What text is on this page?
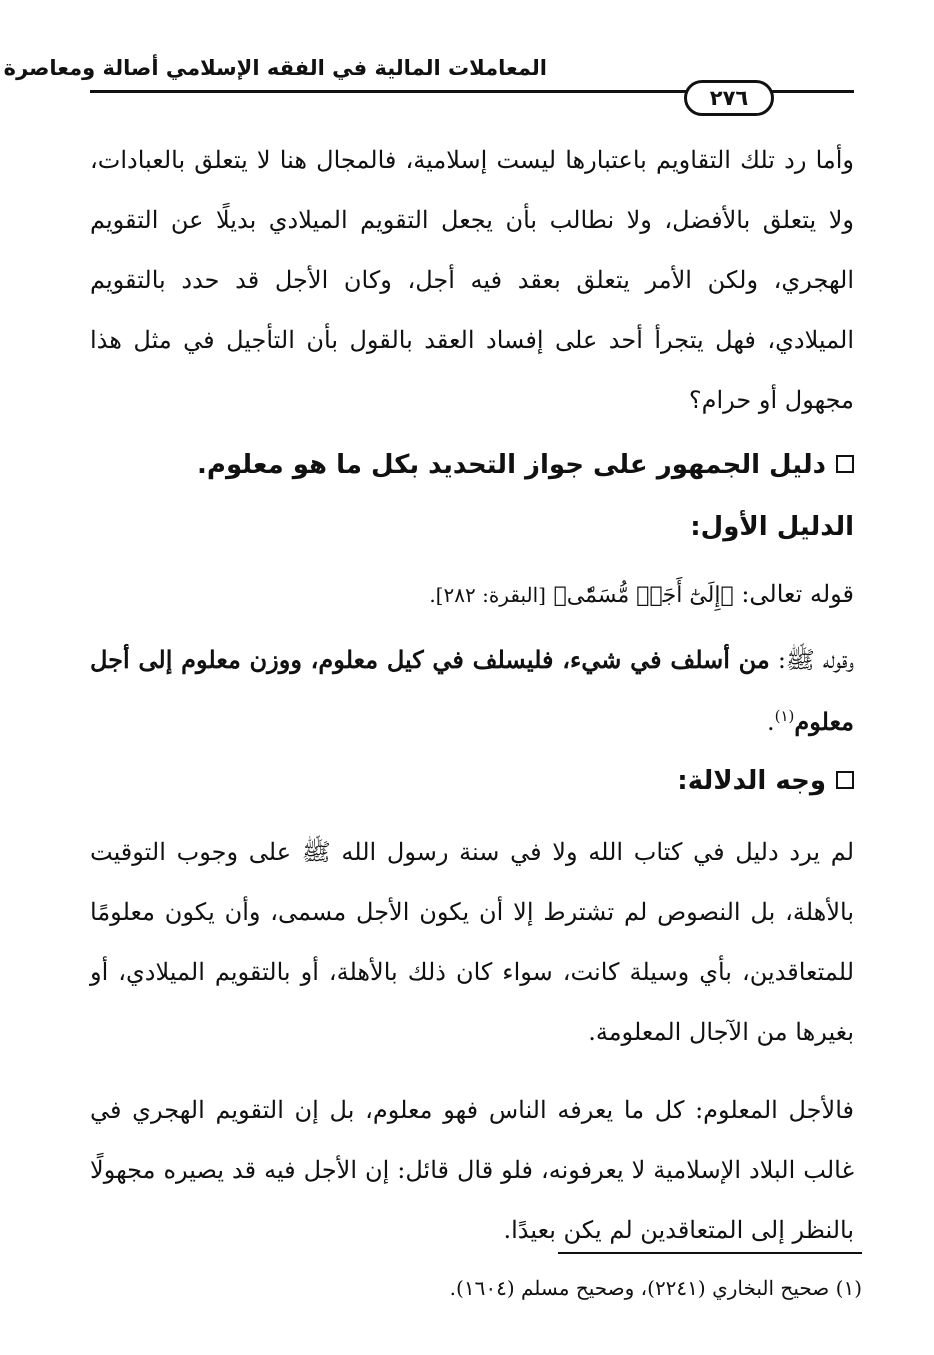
المعاملات المالية في الفقه الإسلامي أصالة ومعاصرة
٢٧٦

وأما رد تلك التقاويم باعتبارها ليست إسلامية، فالمجال هنا لا يتعلق بالعبادات، ولا يتعلق بالأفضل، ولا نطالب بأن يجعل التقويم الميلادي بديلًا عن التقويم الهجري، ولكن الأمر يتعلق بعقد فيه أجل، وكان الأجل قد حدد بالتقويم الميلادي، فهل يتجرأ أحد على إفساد العقد بالقول بأن التأجيل في مثل هذا مجهول أو حرام؟

دليل الجمهور على جواز التحديد بكل ما هو معلوم.

الدليل الأول:

قوله تعالى: ﴿إِلَىٰٓ أَجَلٖ مُّسَمّٗى﴾ [البقرة: ٢٨٢].

وقوله ﷺ: من أسلف في شيء، فليسلف في كيل معلوم، ووزن معلوم إلى أجل معلوم$^{(١)}$.

وجه الدلالة:

لم يرد دليل في كتاب الله ولا في سنة رسول الله ﷺ على وجوب التوقيت بالأهلة، بل النصوص لم تشترط إلا أن يكون الأجل مسمى، وأن يكون معلومًا للمتعاقدين، بأي وسيلة كانت، سواء كان ذلك بالأهلة، أو بالتقويم الميلادي، أو بغيرها من الآجال المعلومة.

فالأجل المعلوم: كل ما يعرفه الناس فهو معلوم، بل إن التقويم الهجري في غالب البلاد الإسلامية لا يعرفونه، فلو قال قائل: إن الأجل فيه قد يصيره مجهولًا بالنظر إلى المتعاقدين لم يكن بعيدًا.

(١) صحيح البخاري (٢٢٤١)، وصحيح مسلم (١٦٠٤).
